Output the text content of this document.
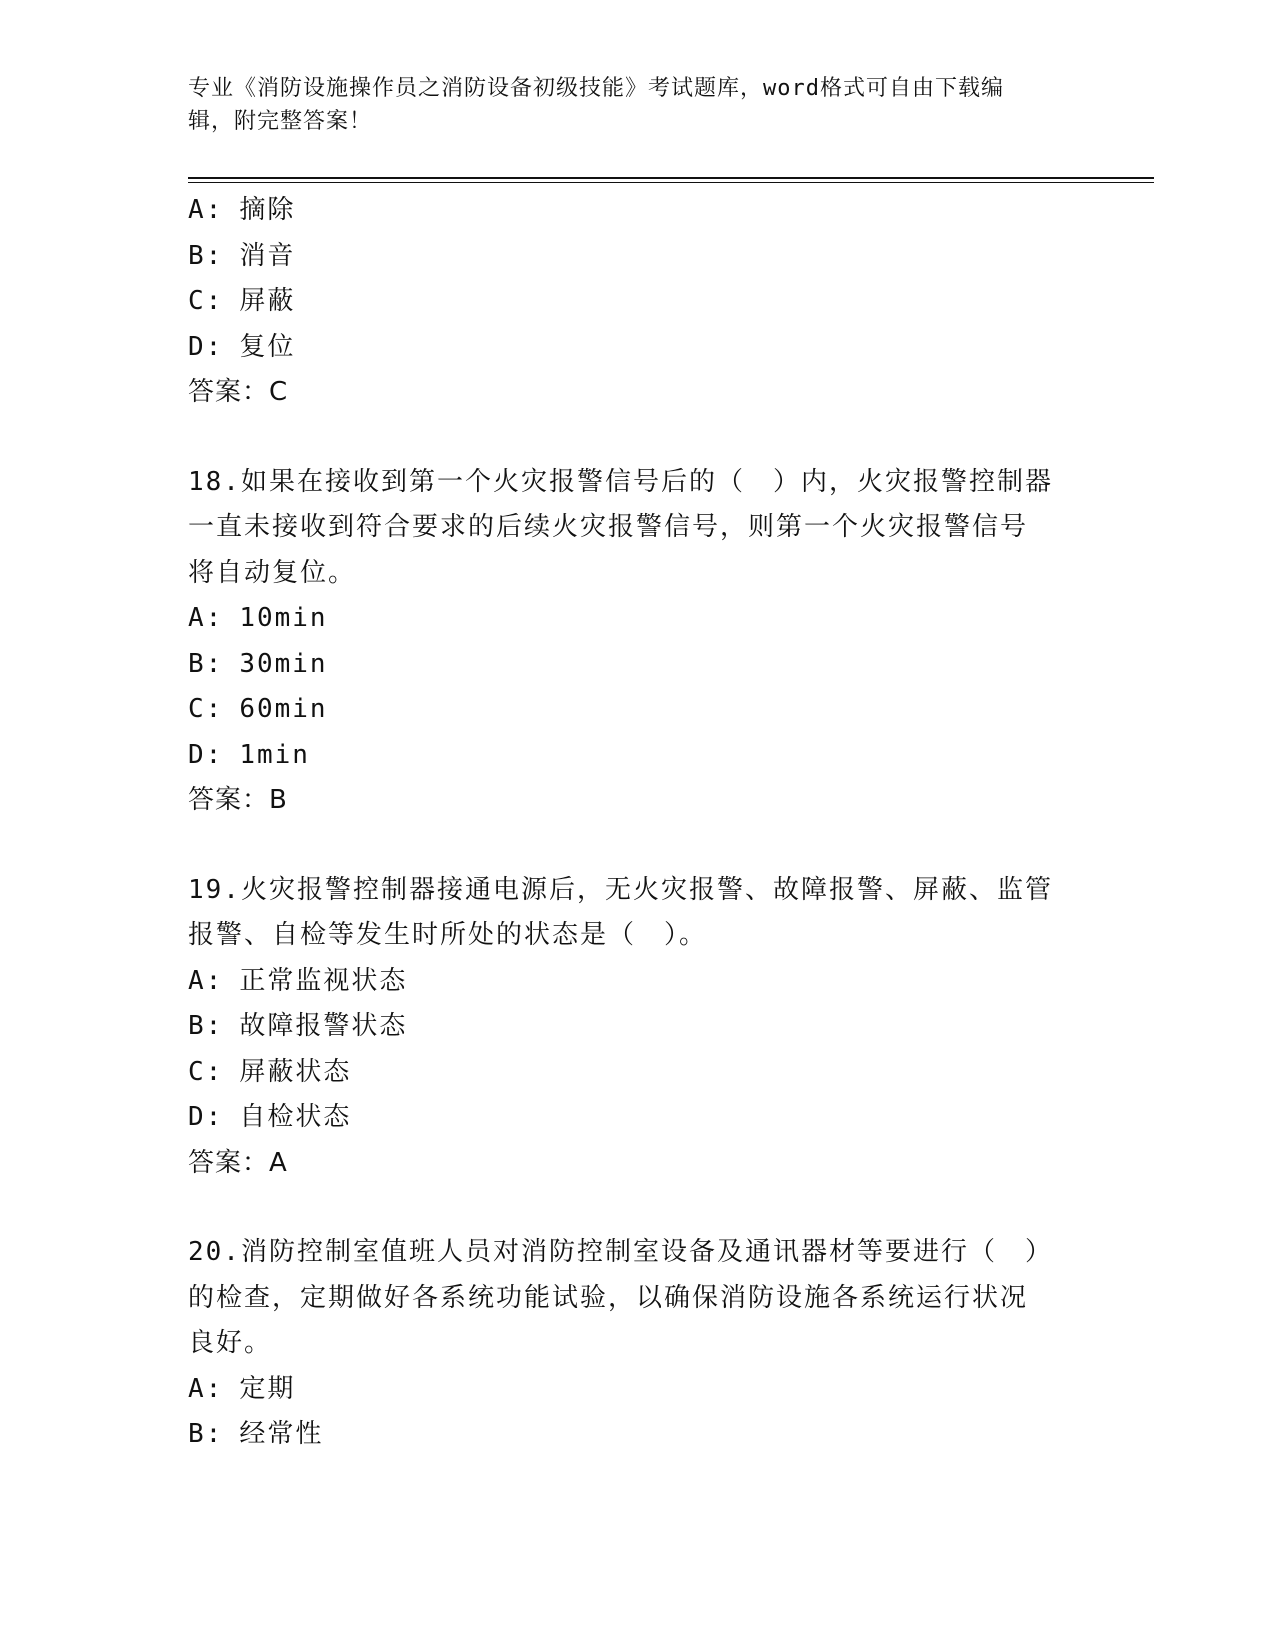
专业《消防设施操作员之消防设备初级技能》考试题库，word格式可自由下载编
辑，附完整答案！
A: 摘除
B: 消音
C: 屏蔽
D: 复位
答案：C
18.如果在接收到第一个火灾报警信号后的（　）内，火灾报警控制器
一直未接收到符合要求的后续火灾报警信号，则第一个火灾报警信号
将自动复位。
A: 10min
B: 30min
C: 60min
D: 1min
答案：B
19.火灾报警控制器接通电源后，无火灾报警、故障报警、屏蔽、监管
报警、自检等发生时所处的状态是（　）。
A: 正常监视状态
B: 故障报警状态
C: 屏蔽状态
D: 自检状态
答案：A
20.消防控制室值班人员对消防控制室设备及通讯器材等要进行（　）
的检查，定期做好各系统功能试验，以确保消防设施各系统运行状况
良好。
A: 定期
B: 经常性
